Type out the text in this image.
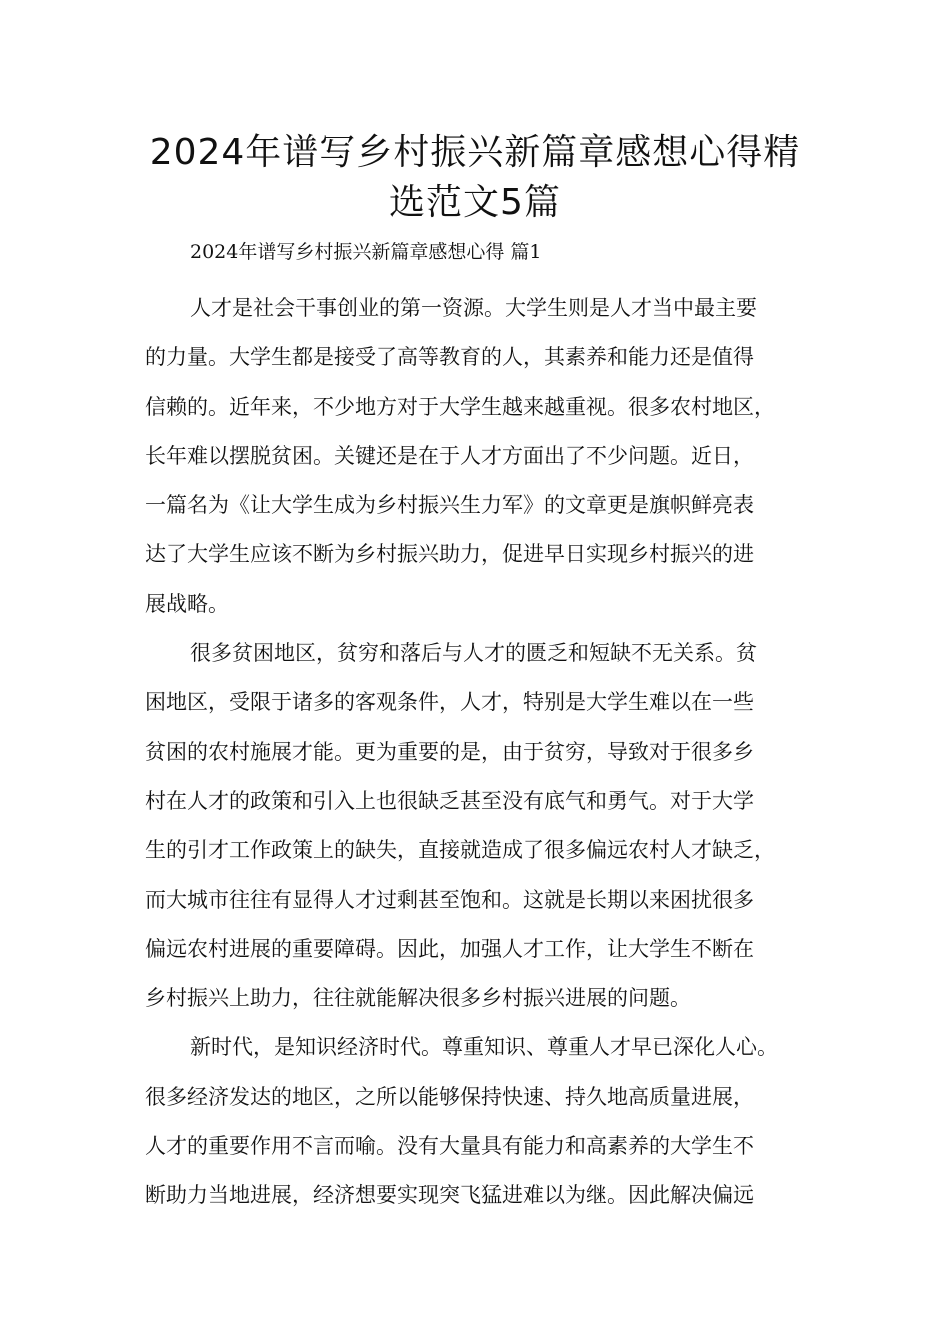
2024年谱写乡村振兴新篇章感想心得精
选范文5篇

2024年谱写乡村振兴新篇章感想心得 篇1

人才是社会干事创业的第一资源。大学生则是人才当中最主要
的力量。大学生都是接受了高等教育的人，其素养和能力还是值得
信赖的。近年来，不少地方对于大学生越来越重视。很多农村地区，
长年难以摆脱贫困。关键还是在于人才方面出了不少问题。近日，
一篇名为《让大学生成为乡村振兴生力军》的文章更是旗帜鲜亮表
达了大学生应该不断为乡村振兴助力，促进早日实现乡村振兴的进
展战略。
很多贫困地区，贫穷和落后与人才的匮乏和短缺不无关系。贫
困地区，受限于诸多的客观条件，人才，特别是大学生难以在一些
贫困的农村施展才能。更为重要的是，由于贫穷，导致对于很多乡
村在人才的政策和引入上也很缺乏甚至没有底气和勇气。对于大学
生的引才工作政策上的缺失，直接就造成了很多偏远农村人才缺乏，
而大城市往往有显得人才过剩甚至饱和。这就是长期以来困扰很多
偏远农村进展的重要障碍。因此，加强人才工作，让大学生不断在
乡村振兴上助力，往往就能解决很多乡村振兴进展的问题。
新时代，是知识经济时代。尊重知识、尊重人才早已深化人心。
很多经济发达的地区，之所以能够保持快速、持久地高质量进展，
人才的重要作用不言而喻。没有大量具有能力和高素养的大学生不
断助力当地进展，经济想要实现突飞猛进难以为继。因此解决偏远
